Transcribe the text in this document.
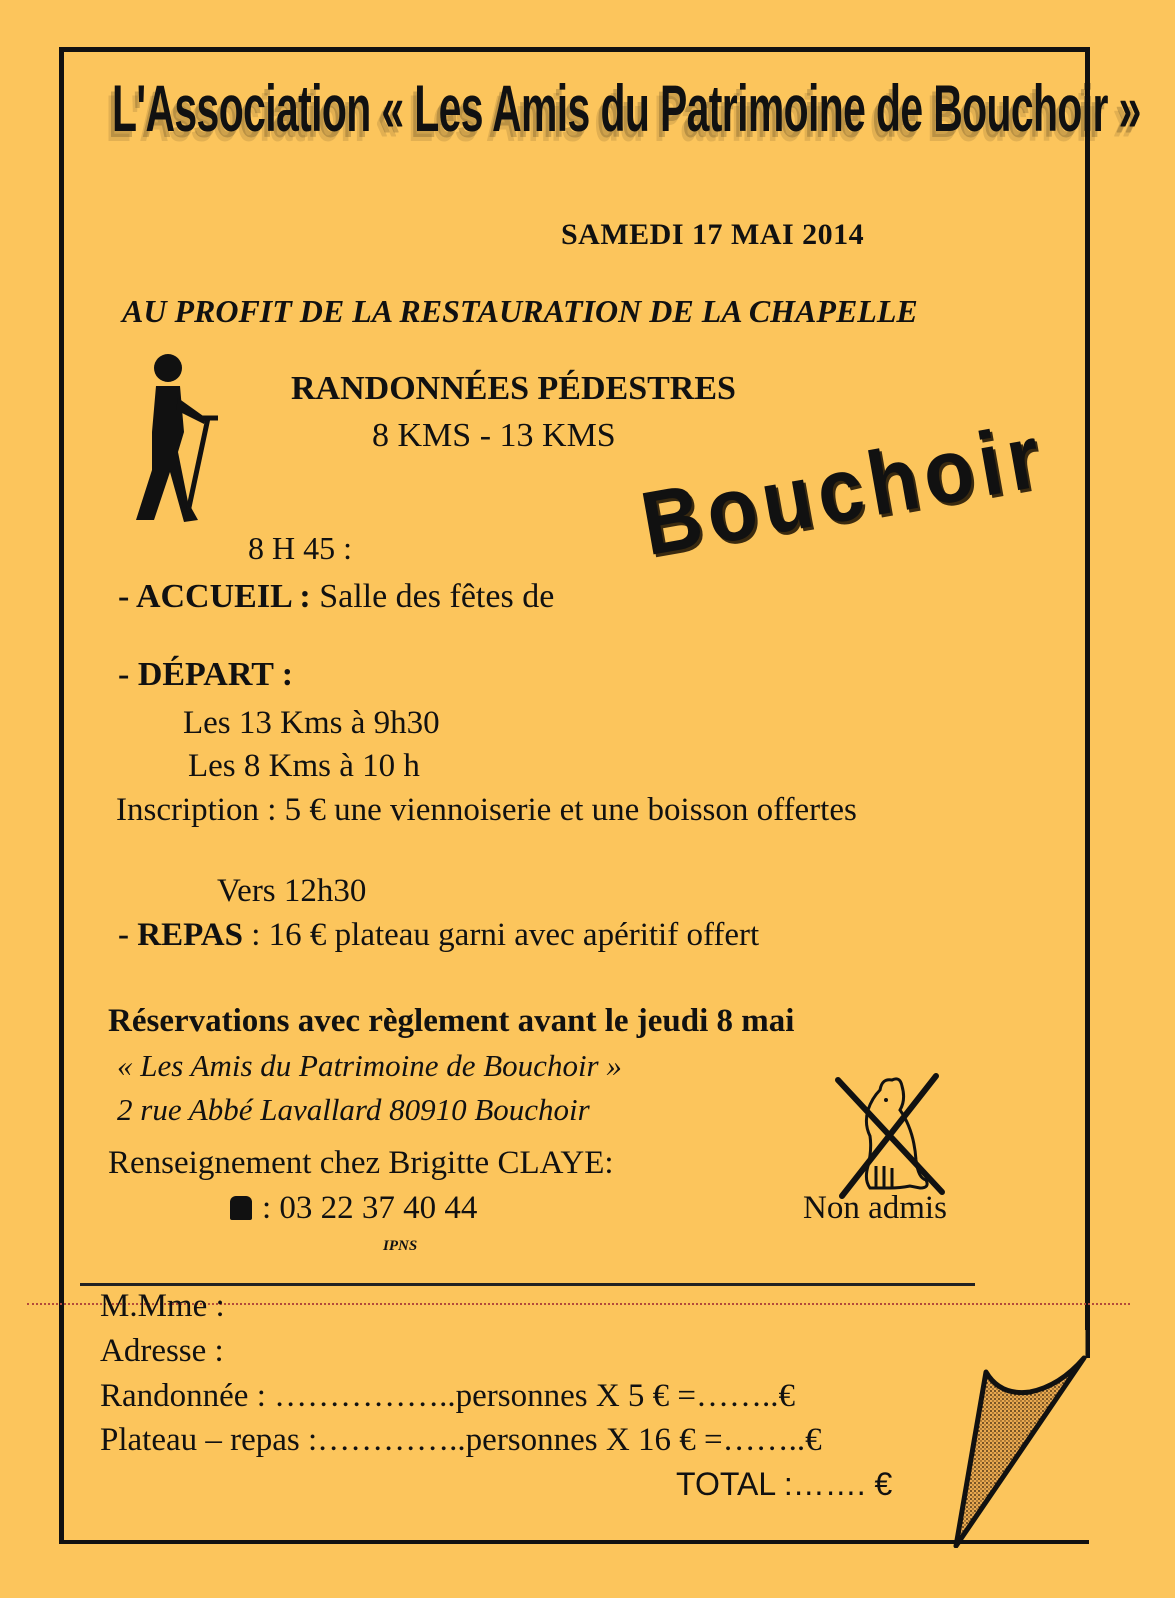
L'Association « Les Amis du Patrimoine de Bouchoir »
SAMEDI 17 MAI 2014
AU PROFIT DE LA RESTAURATION DE LA CHAPELLE
RANDONNÉES PÉDESTRES
8 KMS - 13 KMS
8 H 45 :
- ACCUEIL : Salle des fêtes de
Bouchoir
- DÉPART :
Les 13 Kms à 9h30
Les 8 Kms à 10 h
Inscription : 5 € une viennoiserie et une boisson offertes
Vers 12h30
- REPAS : 16 € plateau garni avec apéritif offert
Réservations avec règlement avant le jeudi 8 mai
« Les Amis du Patrimoine de Bouchoir »
2 rue Abbé Lavallard 80910 Bouchoir
Renseignement chez Brigitte CLAYE:
: 03 22 37 40 44
IPNS
Non admis
M.Mme :
Adresse :
Randonnée : ……………..personnes X 5 € =……..€
Plateau – repas :…………..personnes X 16 € =……..€
TOTAL :……. €
